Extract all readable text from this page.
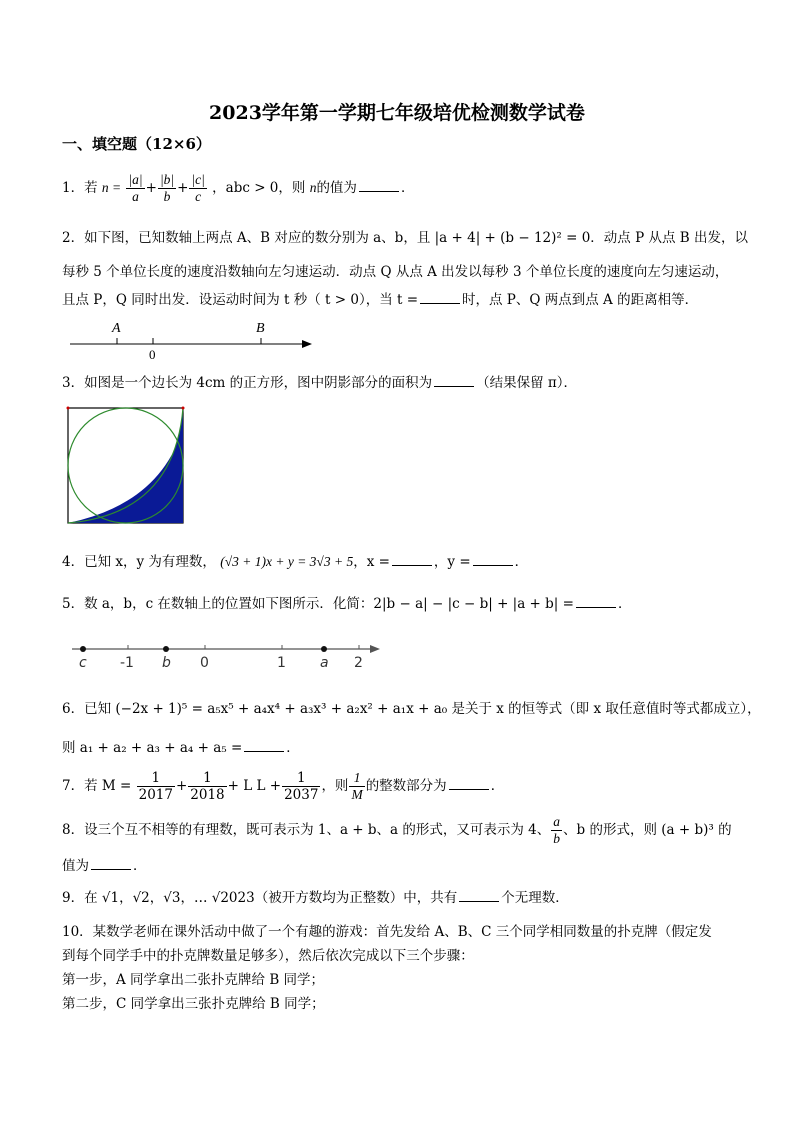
2023学年第一学期七年级培优检测数学试卷
一、填空题（12×6）
1．若 $n = \frac{|a|}{a} + \frac{|b|}{b} + \frac{|c|}{c}$ ，abc > 0，则 n的值为	．
2．如下图，已知数轴上两点 A、B 对应的数分别为 a、b，且 |a + 4| + (b − 12)² = 0．动点 P 从点 B 出发，以
每秒 5 个单位长度的速度沿数轴向左匀速运动．动点 Q 从点 A 出发以每秒 3 个单位长度的速度向左匀速运动，
且点 P，Q 同时出发．设运动时间为 t 秒（ t > 0），当 t =	时，点 P、Q 两点到点 A 的距离相等．
A
0
B
3．如图是一个边长为 4cm 的正方形，图中阴影部分的面积为	（结果保留 π）．
4．已知 x，y 为有理数， (√3 + 1)x + y = 3√3 + 5，x =	，y =	．
5．数 a，b，c 在数轴上的位置如下图所示．化简：2|b − a| − |c − b| + |a + b| =	．
c -1 b 0	1 a 2
6．已知 (−2x + 1)⁵ = a₅x⁵ + a₄x⁴ + a₃x³ + a₂x² + a₁x + a₀ 是关于 x 的恒等式（即 x 取任意值时等式都成立），
则 a₁ + a₂ + a₃ + a₄ + a₅ =	．
7．若 $M = \frac{1}{2017} + \frac{1}{2018} + L$ $L + \frac{1}{2037}$ ，则 $\frac{1}{M}$ 的整数部分为	．
8．设三个互不相等的有理数，既可表示为 1、a + b、a 的形式，又可表示为 4、 $\frac{a}{b}$ 、b 的形式，则 (a + b)³ 的
值为	．
9．在 √1，√2，√3，… √2023（被开方数均为正整数）中，共有	个无理数．
10．某数学老师在课外活动中做了一个有趣的游戏：首先发给 A、B、C 三个同学相同数量的扑克牌（假定发
到每个同学手中的扑克牌数量足够多），然后依次完成以下三个步骤：
第一步，A 同学拿出二张扑克牌给 B 同学；
第二步，C 同学拿出三张扑克牌给 B 同学；
